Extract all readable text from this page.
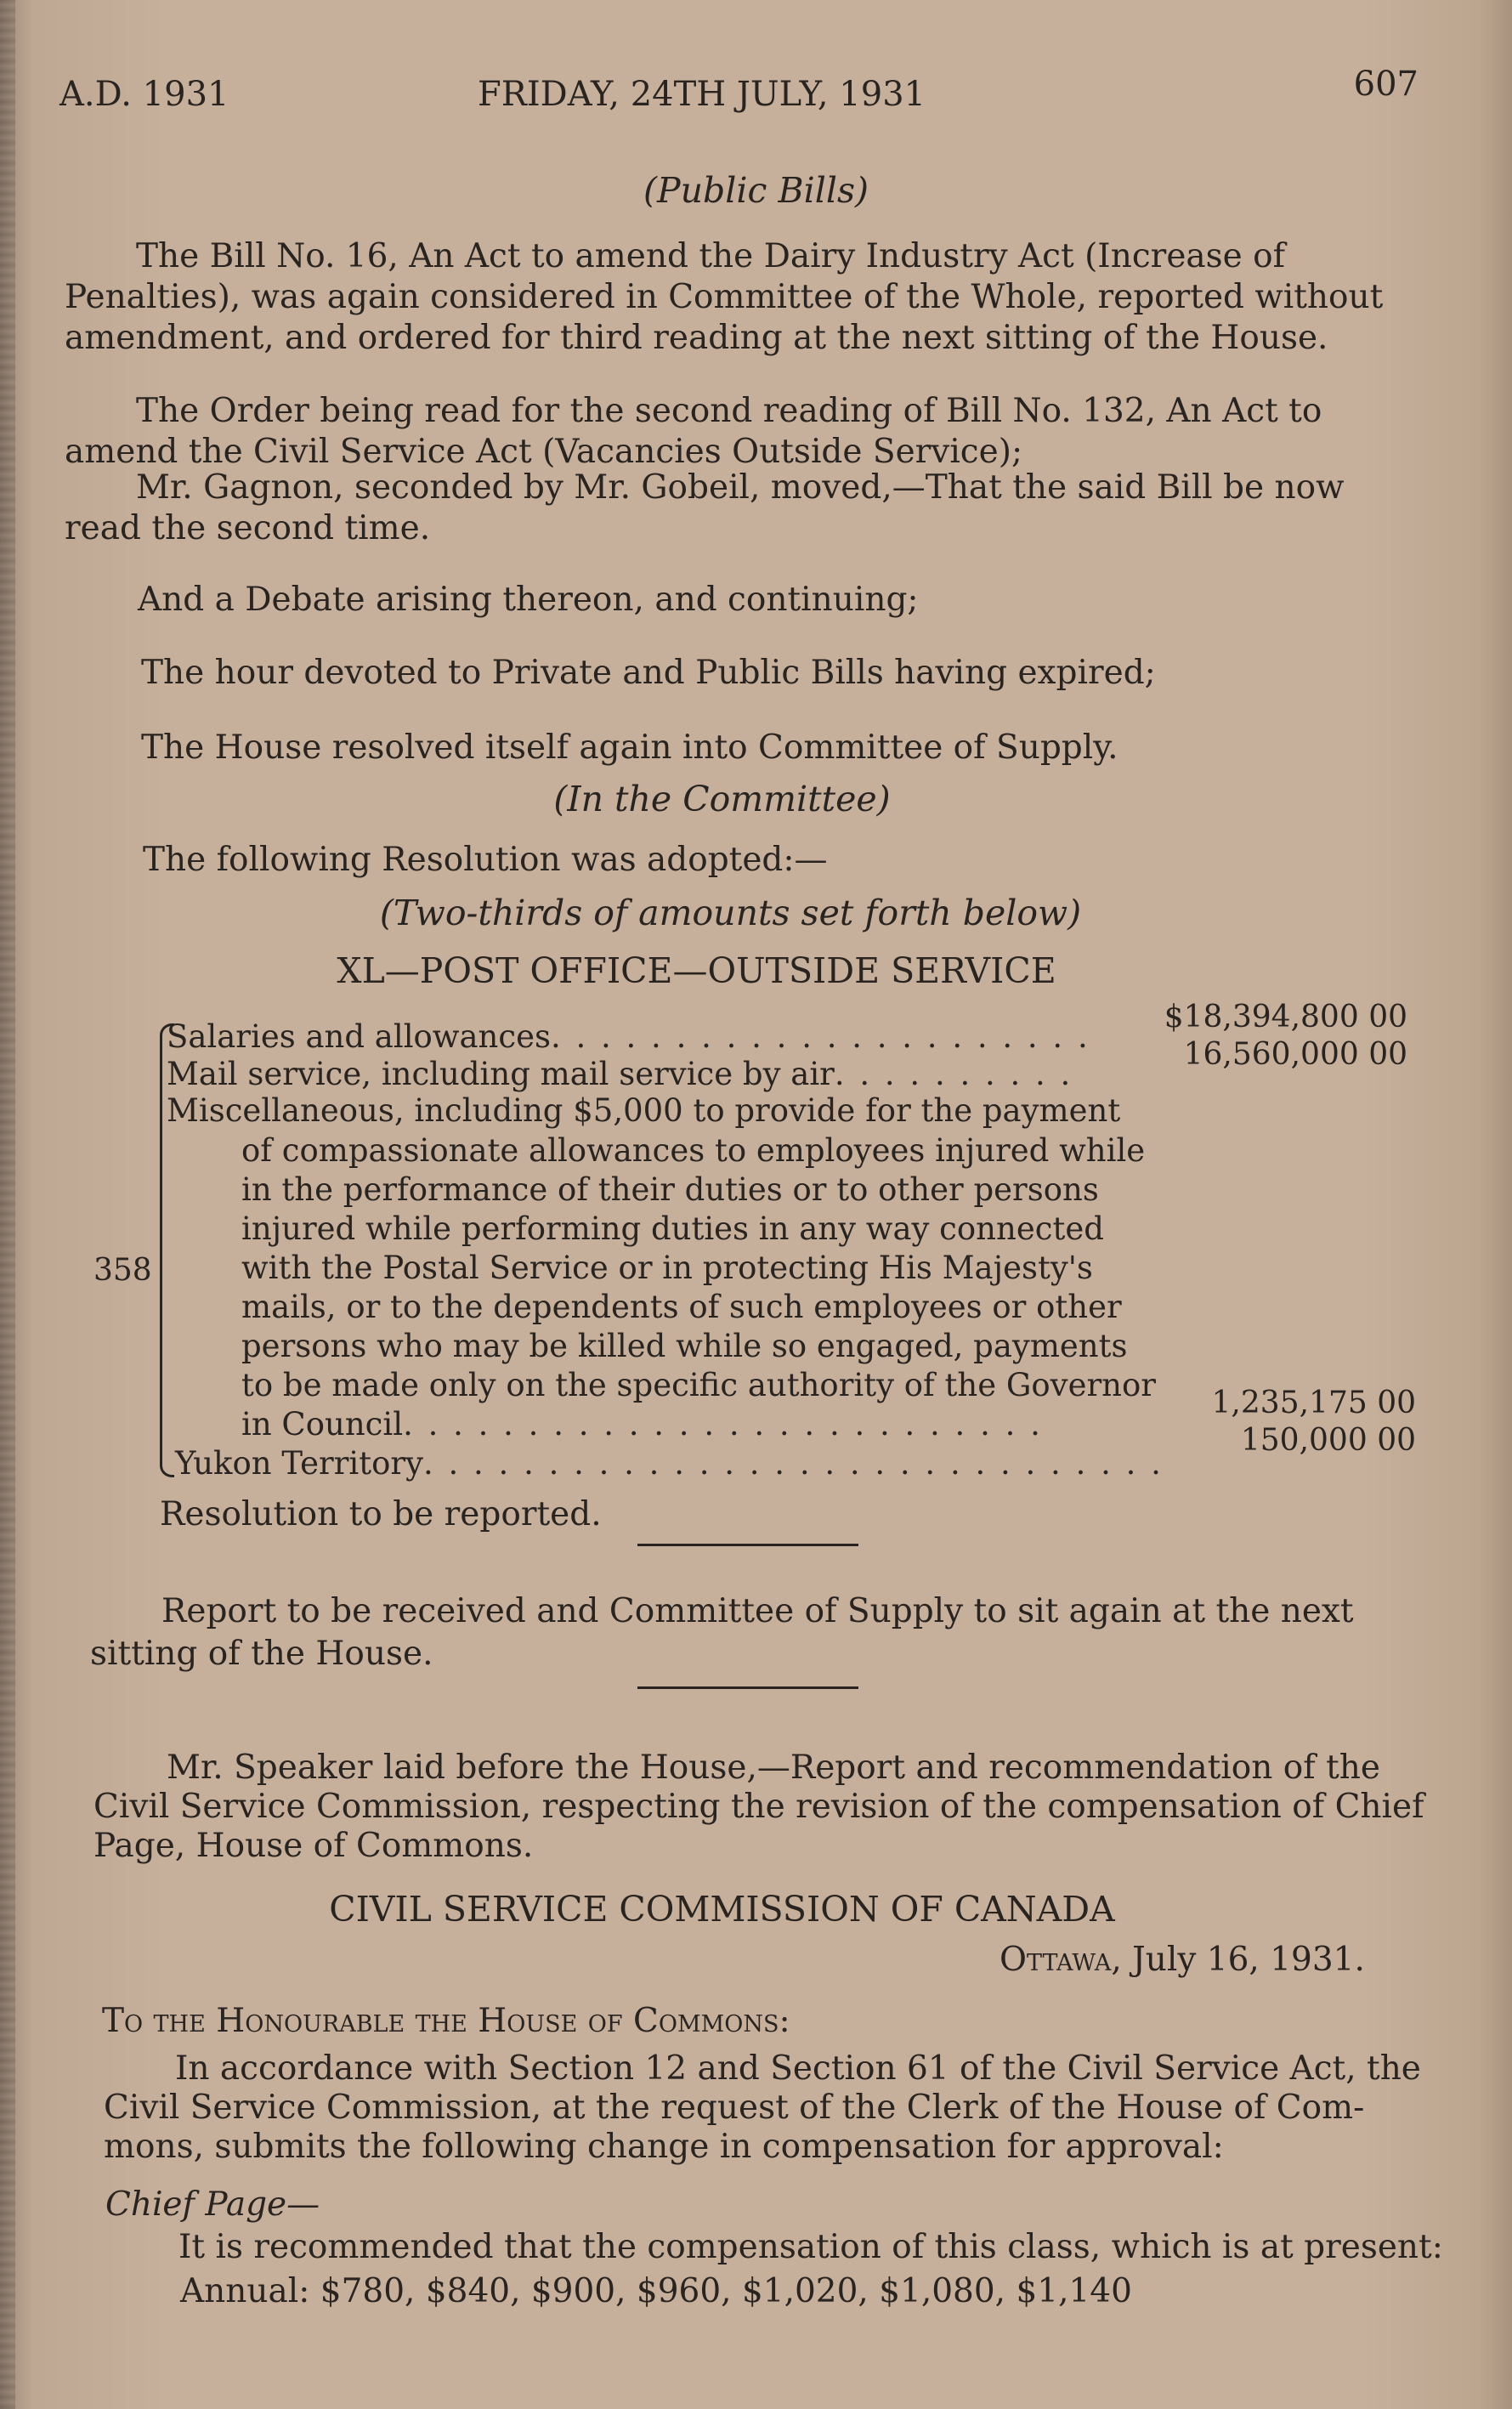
A.D. 1931	FRIDAY, 24TH JULY, 1931	607
(Public Bills)
The Bill No. 16, An Act to amend the Dairy Industry Act (Increase of
Penalties), was again considered in Committee of the Whole, reported without
amendment, and ordered for third reading at the next sitting of the House.
The Order being read for the second reading of Bill No. 132, An Act to
amend the Civil Service Act (Vacancies Outside Service);
Mr. Gagnon, seconded by Mr. Gobeil, moved,—That the said Bill be now
read the second time.
And a Debate arising thereon, and continuing;
The hour devoted to Private and Public Bills having expired;
The House resolved itself again into Committee of Supply.
(In the Committee)
The following Resolution was adopted:—
(Two-thirds of amounts set forth below)
XL—POST OFFICE—OUTSIDE SERVICE
358
Salaries and allowances. . . . . . . . . . . . . . . . . . . . . .
$18,394,800 00
Mail service, including mail service by air. . . . . . . . . .
16,560,000 00
Miscellaneous, including $5,000 to provide for the payment
of compassionate allowances to employees injured while
in the performance of their duties or to other persons
injured while performing duties in any way connected
with the Postal Service or in protecting His Majesty's
mails, or to the dependents of such employees or other
persons who may be killed while so engaged, payments
to be made only on the specific authority of the Governor
in Council. . . . . . . . . . . . . . . . . . . . . . . . . .
1,235,175 00
Yukon Territory. . . . . . . . . . . . . . . . . . . . . . . . . . . . . .
150,000 00
Resolution to be reported.
Report to be received and Committee of Supply to sit again at the next
sitting of the House.
Mr. Speaker laid before the House,—Report and recommendation of the
Civil Service Commission, respecting the revision of the compensation of Chief
Page, House of Commons.
CIVIL SERVICE COMMISSION OF CANADA
Ottawa, July 16, 1931.
To the Honourable the House of Commons:
In accordance with Section 12 and Section 61 of the Civil Service Act, the
Civil Service Commission, at the request of the Clerk of the House of Com-
mons, submits the following change in compensation for approval:
Chief Page—
It is recommended that the compensation of this class, which is at present:
Annual: $780, $840, $900, $960, $1,020, $1,080, $1,140
